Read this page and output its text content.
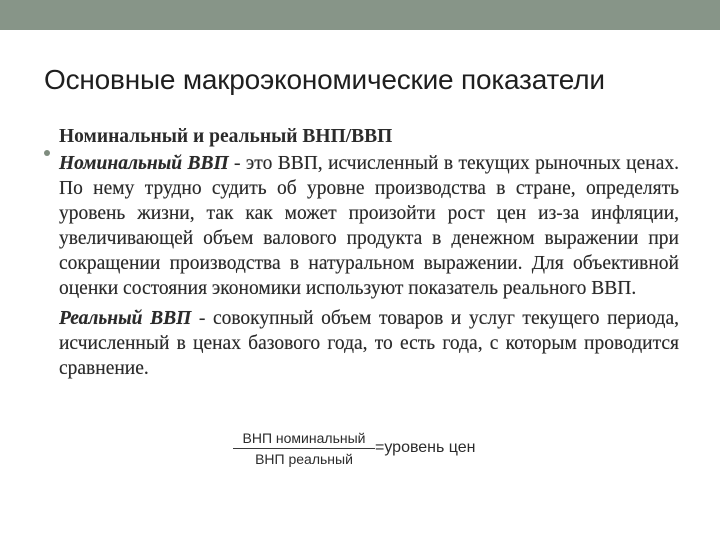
Основные макроэкономические показатели
Номинальный и реальный ВНП/ВВП

Номинальный ВВП - это ВВП, исчисленный в текущих рыночных ценах. По нему трудно судить об уровне производства в стране, определять уровень жизни, так как может произойти рост цен из-за инфляции, увеличивающей объем валового продукта в денежном выражении при сокращении производства в натуральном выражении. Для объективной оценки состояния экономики используют показатель реального ВВП.

Реальный ВВП - совокупный объем товаров и услуг текущего периода, исчисленный в ценах базового года, то есть года, с которым проводится сравнение.

$\frac{\text{ВНП номинальный}}{\text{ВНП реальный}}$ =уровень цен
